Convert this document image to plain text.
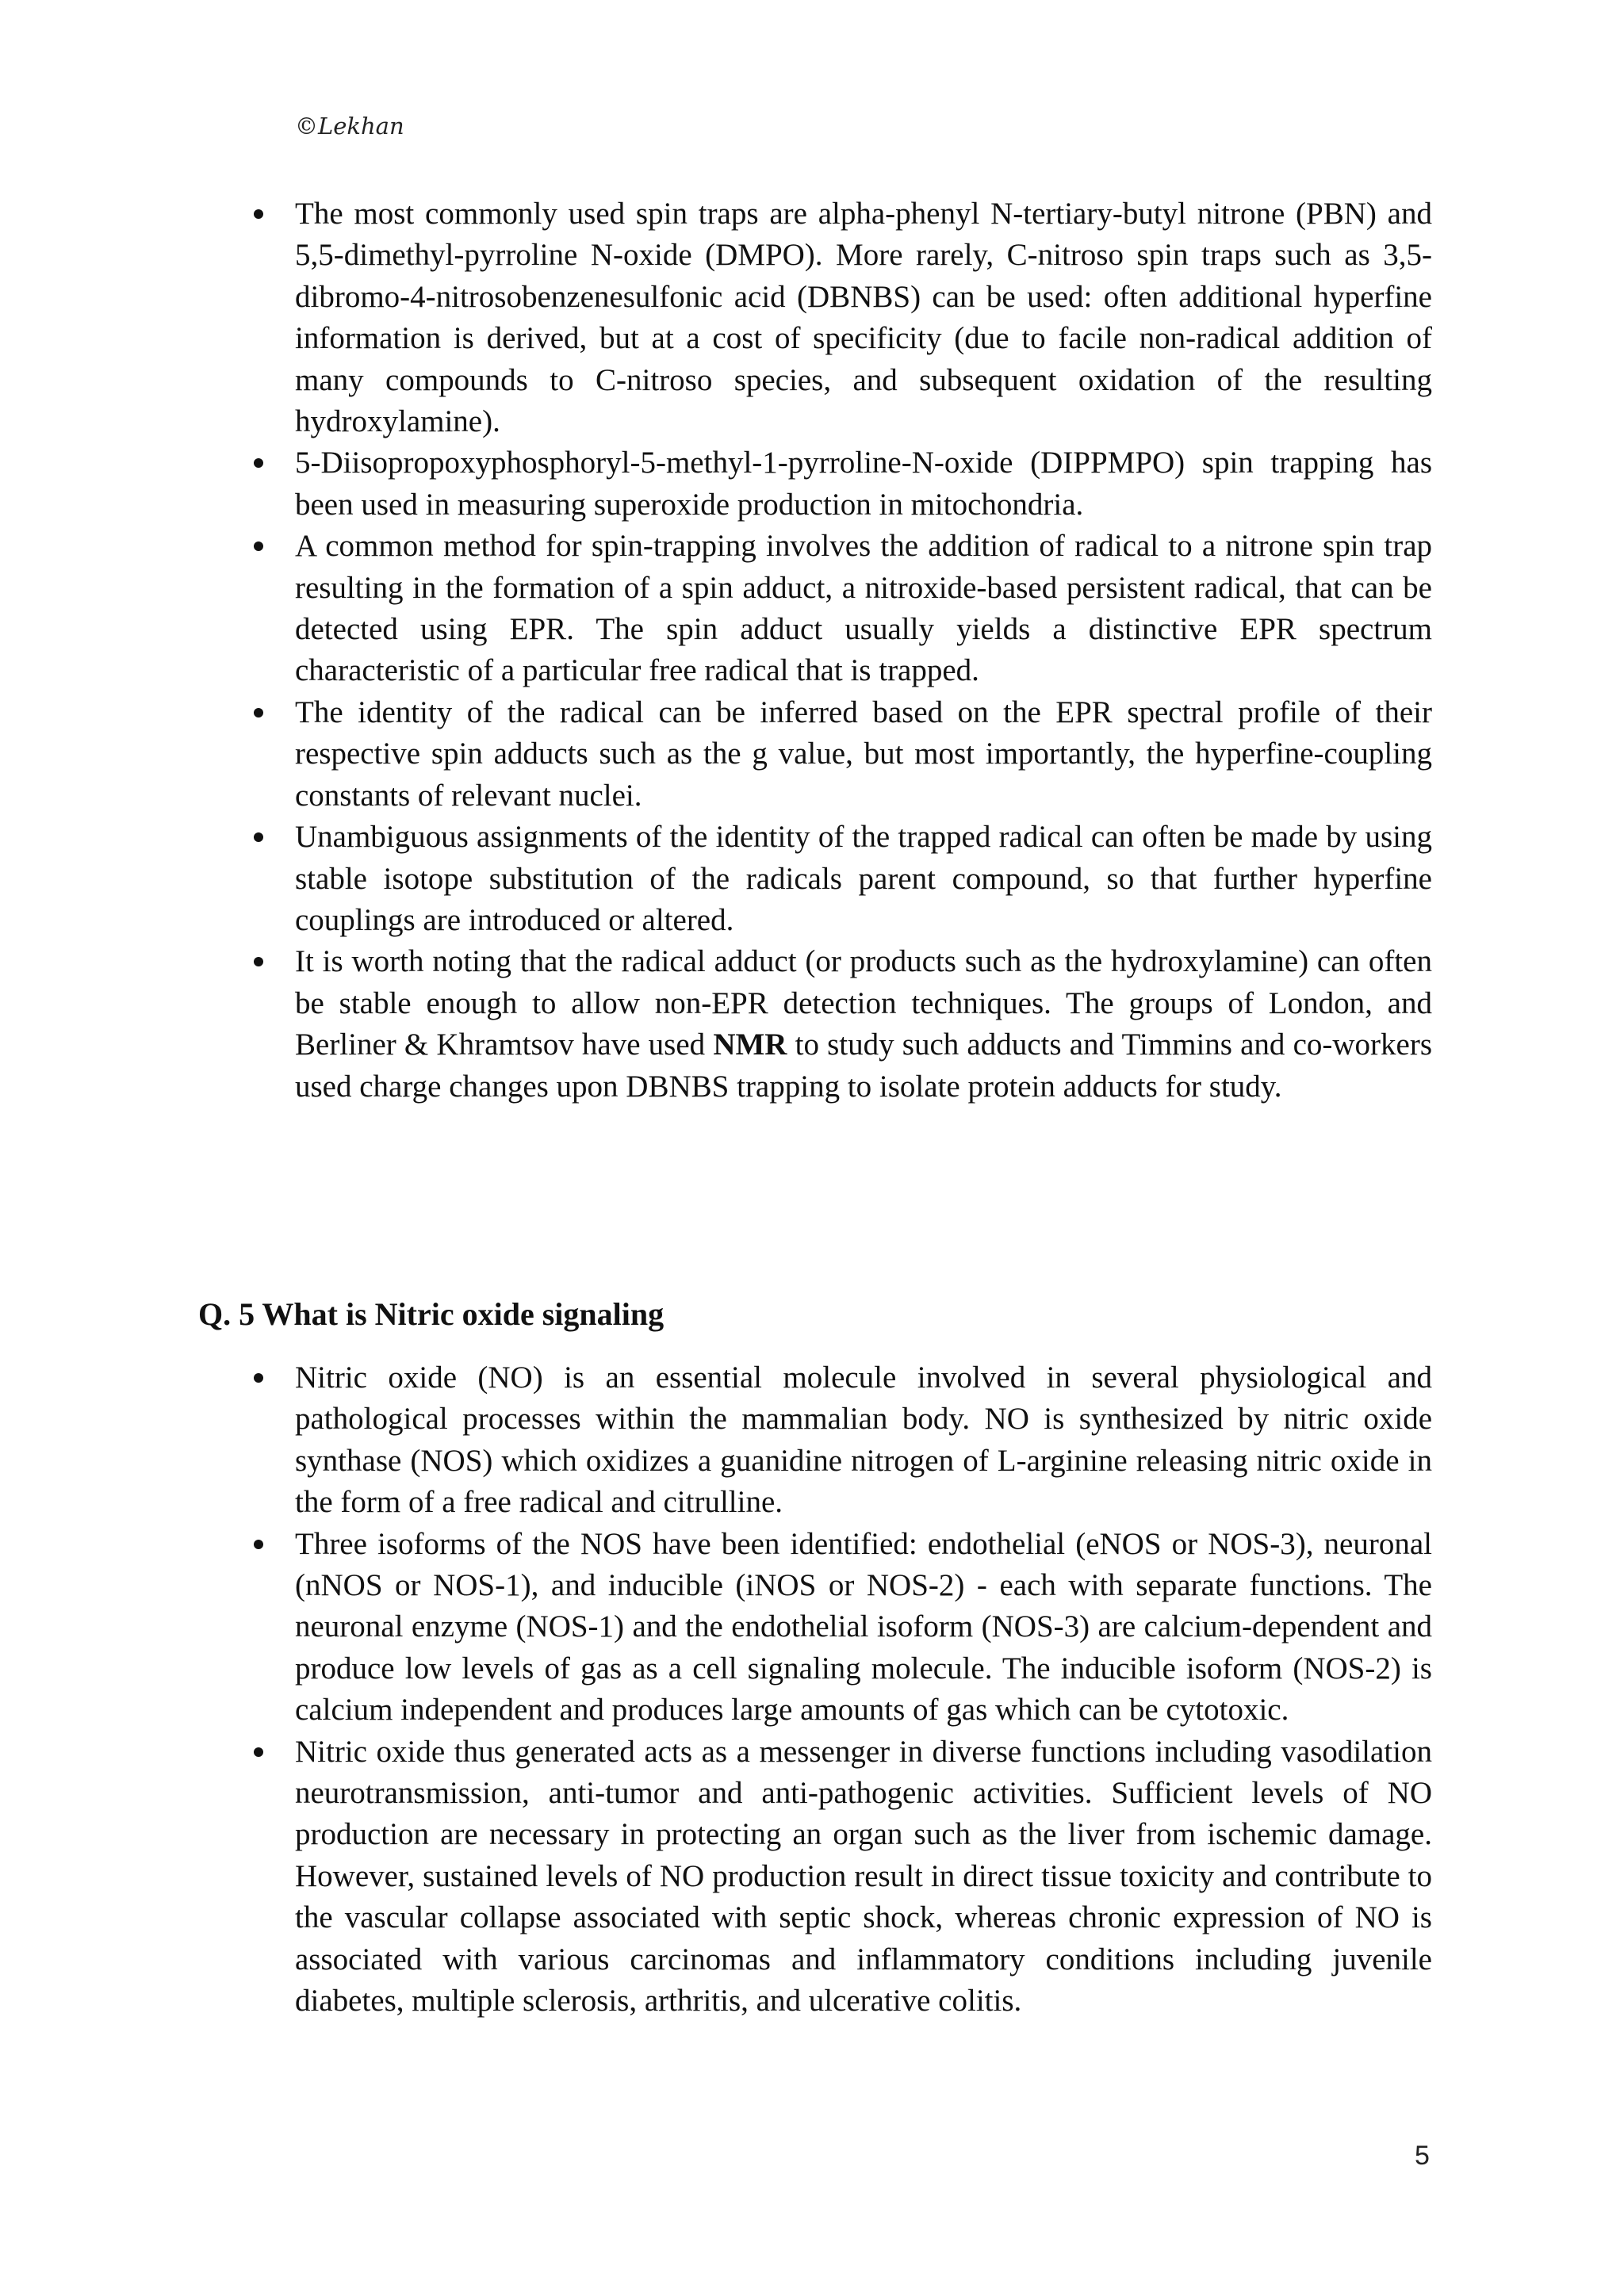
©Lekhan
The most commonly used spin traps are alpha-phenyl N-tertiary-butyl nitrone (PBN) and 5,5-dimethyl-pyrroline N-oxide (DMPO). More rarely, C-nitroso spin traps such as 3,5-dibromo-4-nitrosobenzenesulfonic acid (DBNBS) can be used: often additional hyperfine information is derived, but at a cost of specificity (due to facile non-radical addition of many compounds to C-nitroso species, and subsequent oxidation of the resulting hydroxylamine).
5-Diisopropoxyphosphoryl-5-methyl-1-pyrroline-N-oxide (DIPPMPO) spin trapping has been used in measuring superoxide production in mitochondria.
A common method for spin-trapping involves the addition of radical to a nitrone spin trap resulting in the formation of a spin adduct, a nitroxide-based persistent radical, that can be detected using EPR. The spin adduct usually yields a distinctive EPR spectrum characteristic of a particular free radical that is trapped.
The identity of the radical can be inferred based on the EPR spectral profile of their respective spin adducts such as the g value, but most importantly, the hyperfine-coupling constants of relevant nuclei.
Unambiguous assignments of the identity of the trapped radical can often be made by using stable isotope substitution of the radicals parent compound, so that further hyperfine couplings are introduced or altered.
It is worth noting that the radical adduct (or products such as the hydroxylamine) can often be stable enough to allow non-EPR detection techniques. The groups of London, and Berliner & Khramtsov have used NMR to study such adducts and Timmins and co-workers used charge changes upon DBNBS trapping to isolate protein adducts for study.
Q. 5 What is Nitric oxide signaling
Nitric oxide (NO) is an essential molecule involved in several physiological and pathological processes within the mammalian body. NO is synthesized by nitric oxide synthase (NOS) which oxidizes a guanidine nitrogen of L-arginine releasing nitric oxide in the form of a free radical and citrulline.
Three isoforms of the NOS have been identified: endothelial (eNOS or NOS-3), neuronal (nNOS or NOS-1), and inducible (iNOS or NOS-2) - each with separate functions. The neuronal enzyme (NOS-1) and the endothelial isoform (NOS-3) are calcium-dependent and produce low levels of gas as a cell signaling molecule. The inducible isoform (NOS-2) is calcium independent and produces large amounts of gas which can be cytotoxic.
Nitric oxide thus generated acts as a messenger in diverse functions including vasodilation neurotransmission, anti-tumor and anti-pathogenic activities. Sufficient levels of NO production are necessary in protecting an organ such as the liver from ischemic damage. However, sustained levels of NO production result in direct tissue toxicity and contribute to the vascular collapse associated with septic shock, whereas chronic expression of NO is associated with various carcinomas and inflammatory conditions including juvenile diabetes, multiple sclerosis, arthritis, and ulcerative colitis.
5
